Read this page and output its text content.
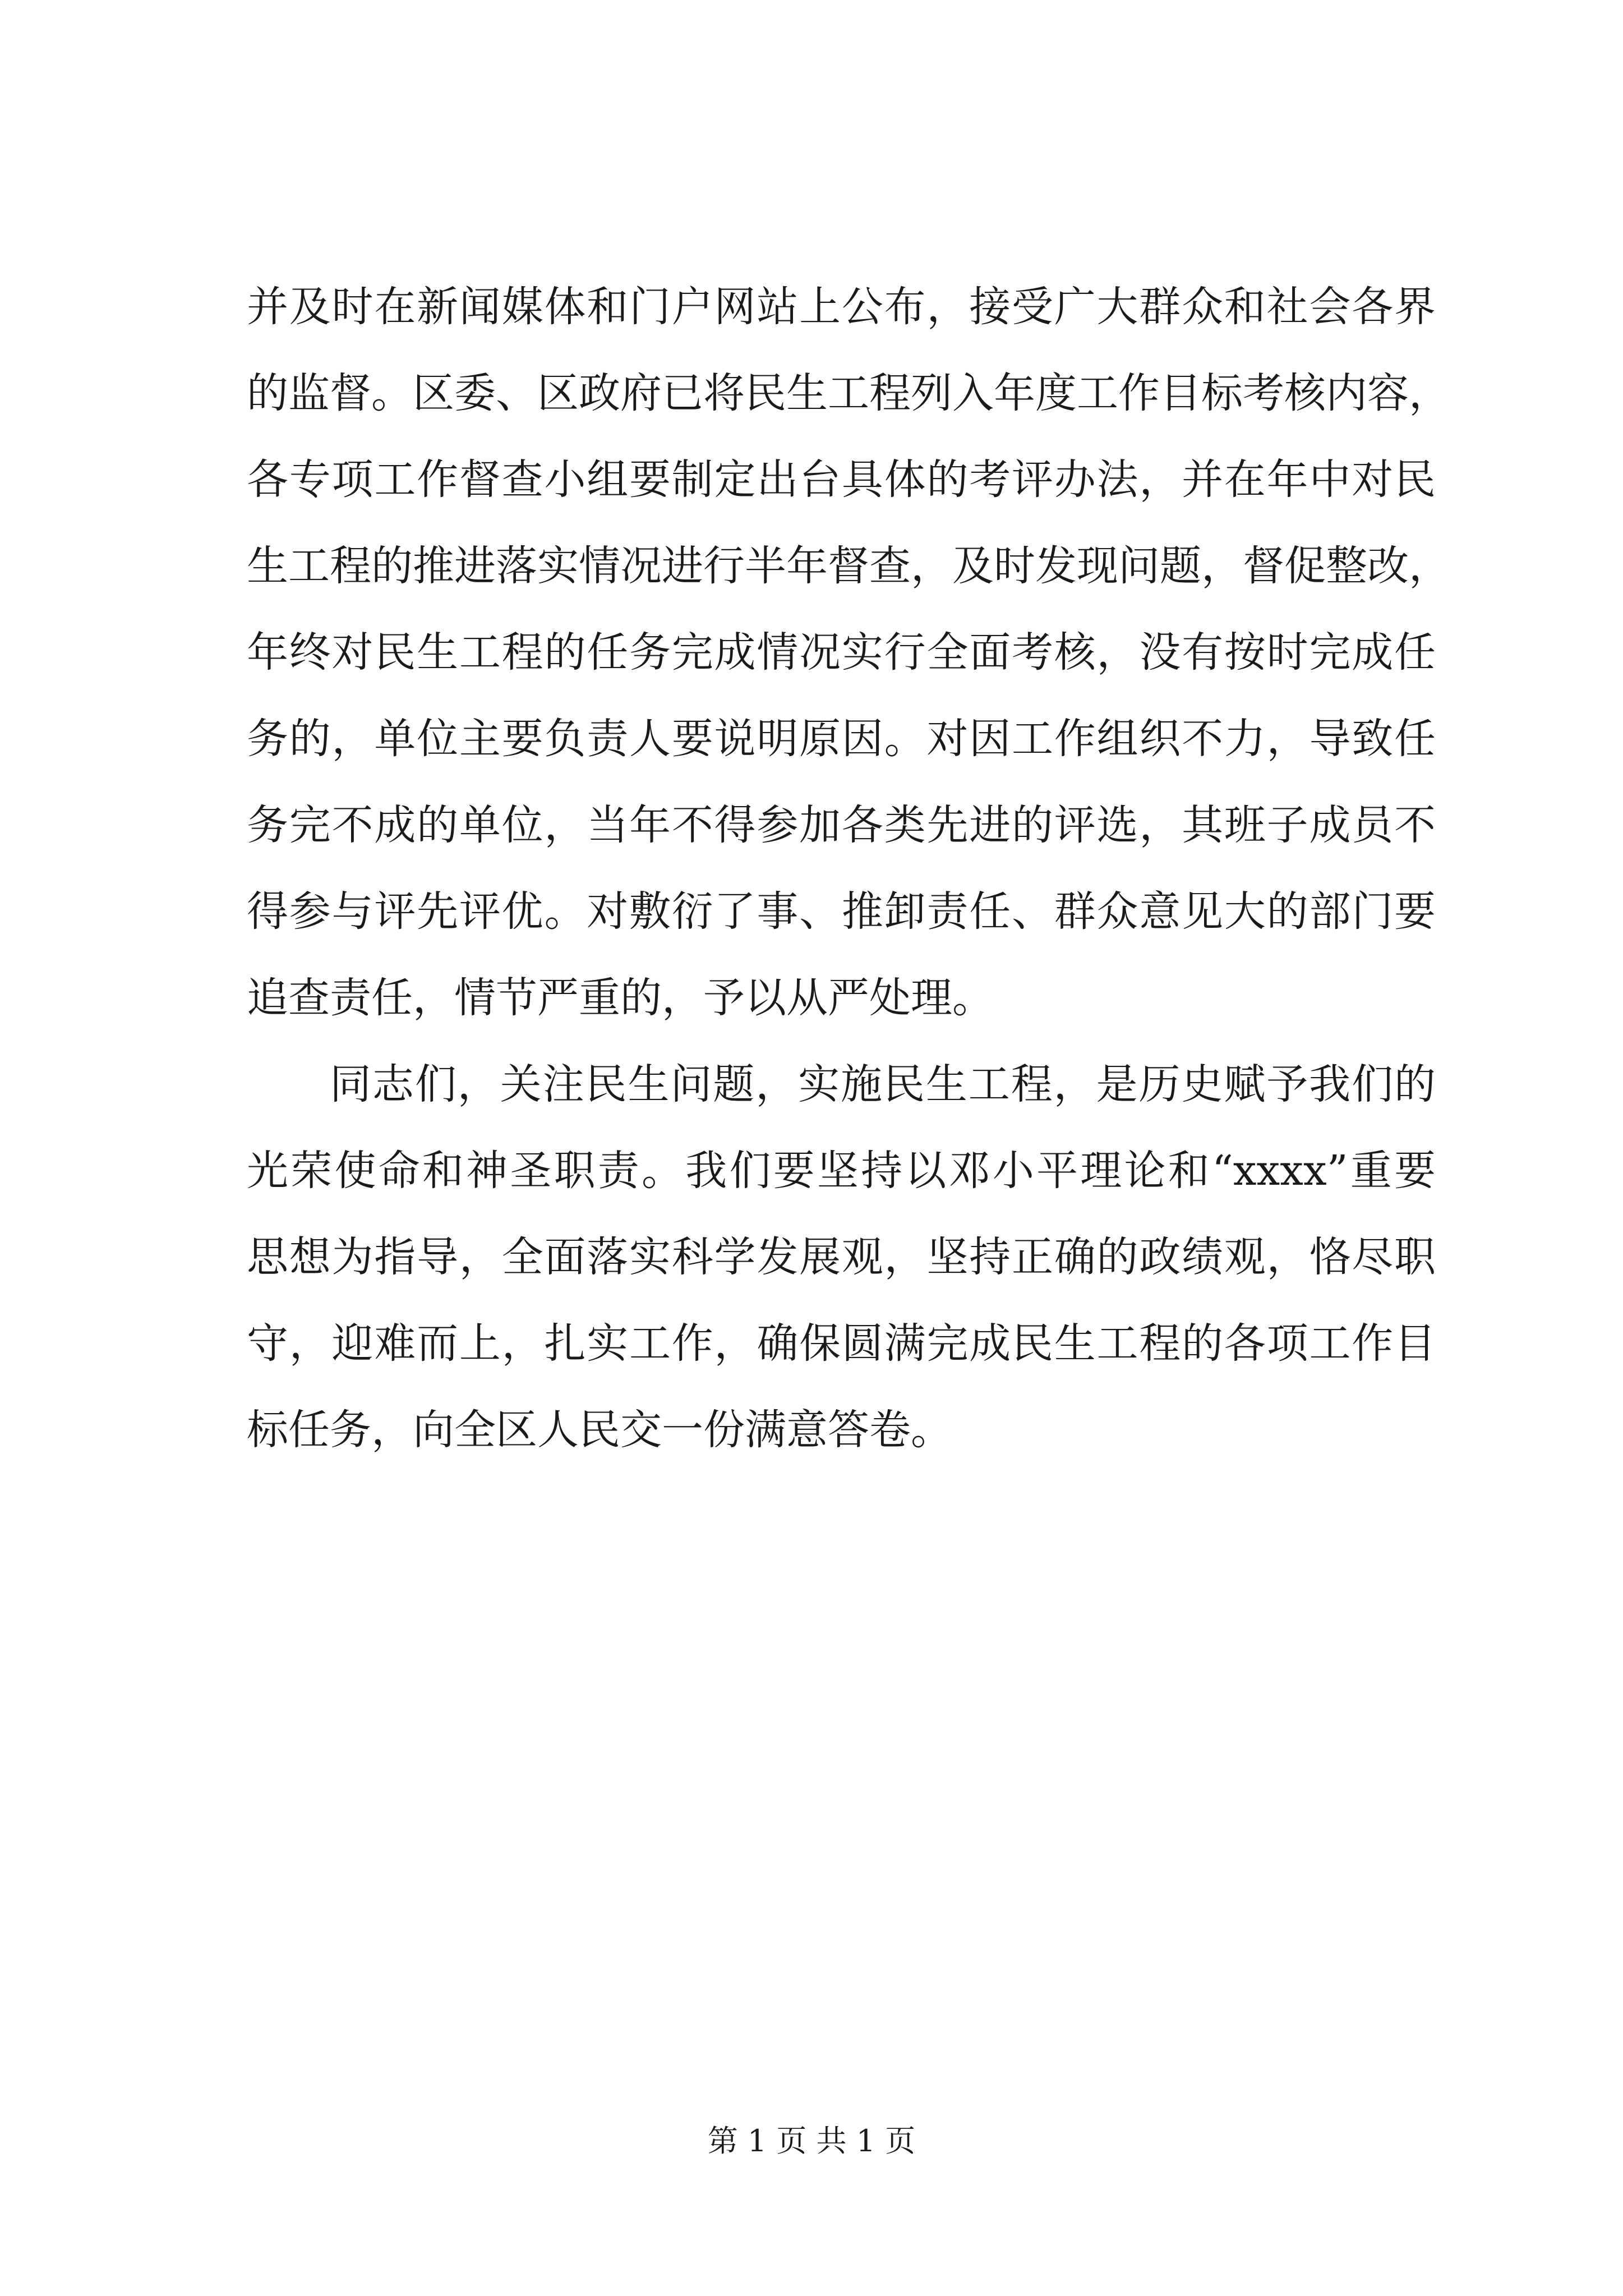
并及时在新闻媒体和门户网站上公布，接受广大群众和社会各界
的监督。区委、区政府已将民生工程列入年度工作目标考核内容，
各专项工作督查小组要制定出台具体的考评办法，并在年中对民
生工程的推进落实情况进行半年督查，及时发现问题，督促整改，
年终对民生工程的任务完成情况实行全面考核，没有按时完成任
务的，单位主要负责人要说明原因。对因工作组织不力，导致任
务完不成的单位，当年不得参加各类先进的评选，其班子成员不
得参与评先评优。对敷衍了事、推卸责任、群众意见大的部门要
追查责任，情节严重的，予以从严处理。
同志们，关注民生问题，实施民生工程，是历史赋予我们的
光荣使命和神圣职责。我们要坚持以邓小平理论和“xxxx”重要
思想为指导，全面落实科学发展观，坚持正确的政绩观，恪尽职
守，迎难而上，扎实工作，确保圆满完成民生工程的各项工作目
标任务，向全区人民交一份满意答卷。
第 1 页 共 1 页
